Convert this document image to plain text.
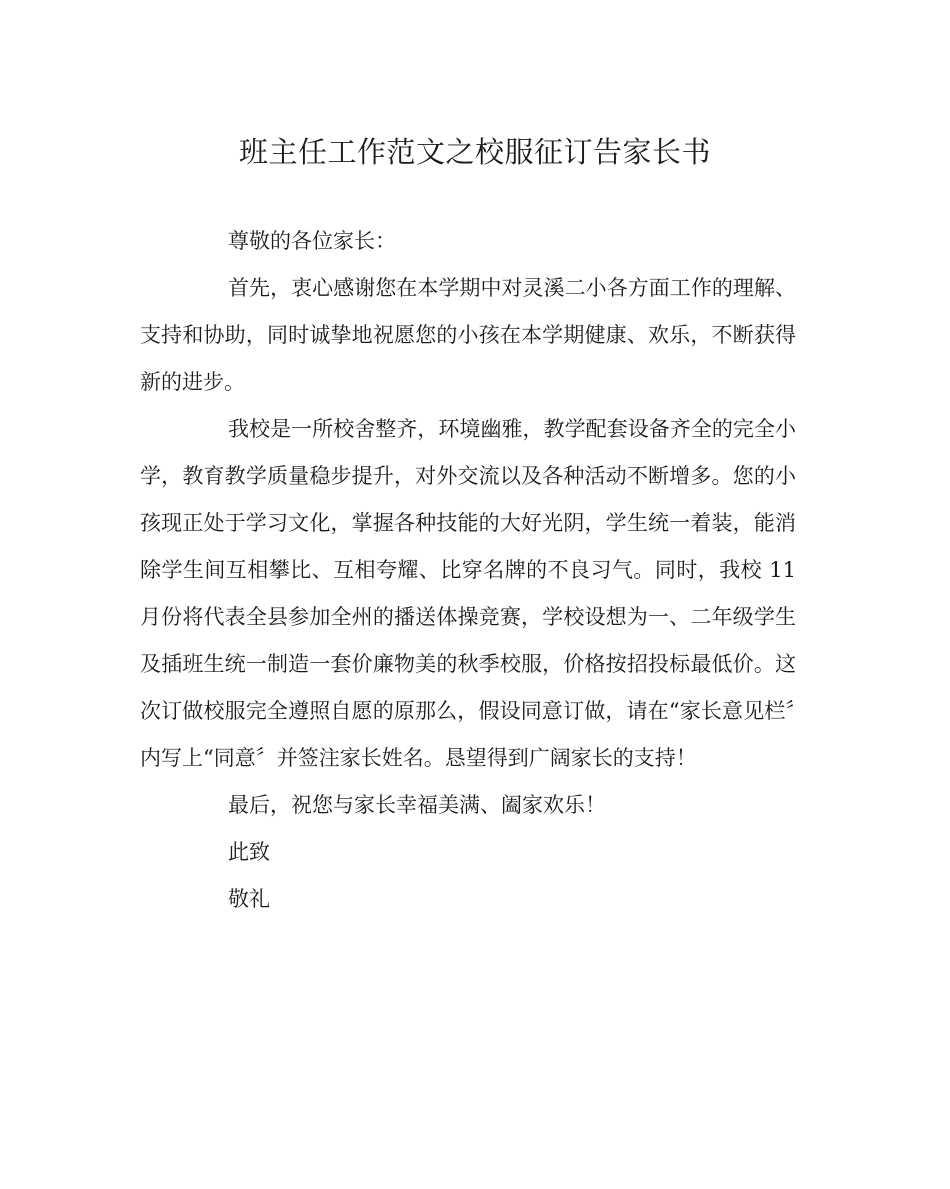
班主任工作范文之校服征订告家长书

尊敬的各位家长：

首先，衷心感谢您在本学期中对灵溪二小各方面工作的理解、支持和协助，同时诚挚地祝愿您的小孩在本学期健康、欢乐，不断获得新的进步。

我校是一所校舍整齐，环境幽雅，教学配套设备齐全的完全小学，教育教学质量稳步提升，对外交流以及各种活动不断增多。您的小孩现正处于学习文化，掌握各种技能的大好光阴，学生统一着装，能消除学生间互相攀比、互相夸耀、比穿名牌的不良习气。同时，我校 11 月份将代表全县参加全州的播送体操竞赛，学校设想为一、二年级学生及插班生统一制造一套价廉物美的秋季校服，价格按招投标最低价。这次订做校服完全遵照自愿的原那么，假设同意订做，请在“家长意见栏〞内写上“同意〞并签注家长姓名。恳望得到广阔家长的支持！

最后，祝您与家长幸福美满、阖家欢乐！

此致

敬礼
